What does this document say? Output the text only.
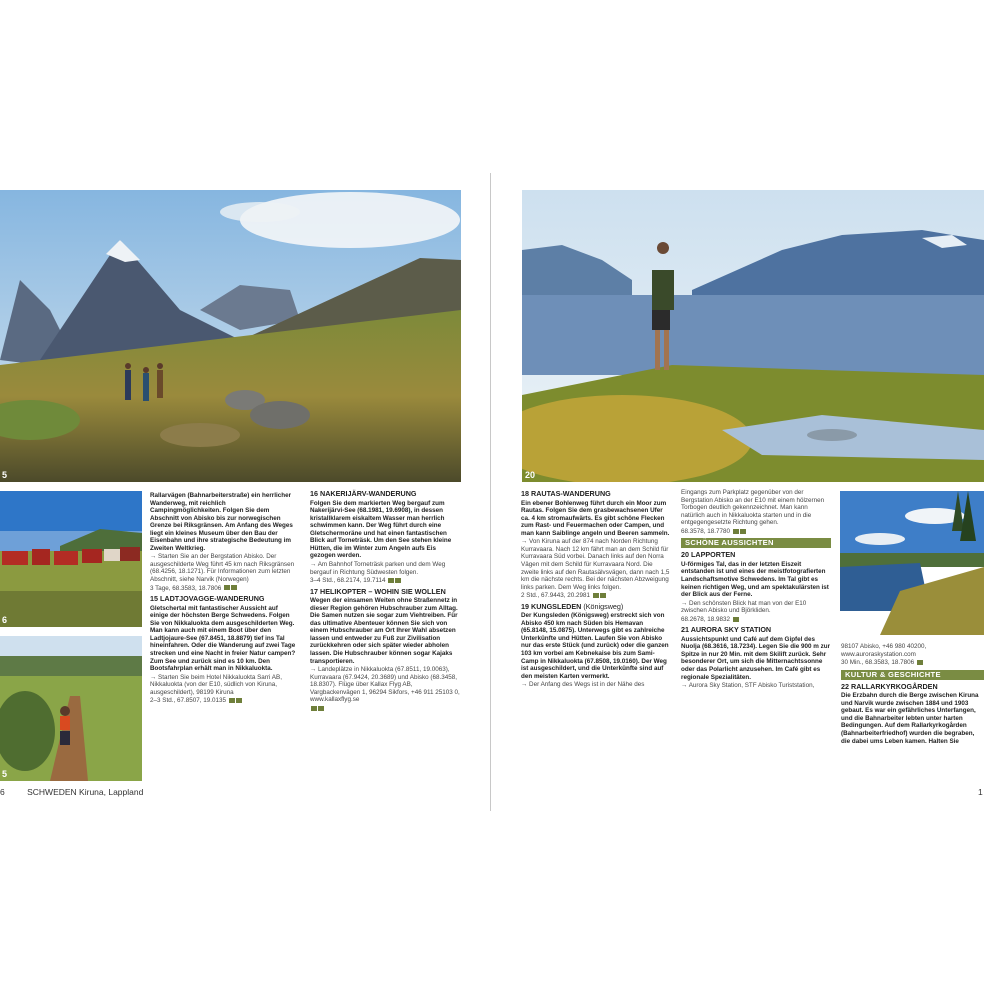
5
6
5

Rallarvägen (Bahnarbeiterstraße) ein herrlicher Wanderweg, mit reichlich Campingmöglichkeiten. Folgen Sie dem Abschnitt von Abisko bis zur norwegischen Grenze bei Riksgränsen. Am Anfang des Weges liegt ein kleines Museum über den Bau der Eisenbahn und ihre strategische Bedeutung im Zweiten Weltkrieg.

→ Starten Sie an der Bergstation Abisko. Der ausgeschilderte Weg führt 45 km nach Riksgränsen (68.4256, 18.1271). Für Informationen zum letzten Abschnitt, siehe Narvik (Norwegen)

3 Tage, 68.3583, 18.7806

15 LADTJOVAGGE-WANDERUNG

Gletschertal mit fantastischer Aussicht auf einige der höchsten Berge Schwedens. Folgen Sie von Nikkaluokta dem ausgeschilderten Weg. Man kann auch mit einem Boot über den Ladtjojaure-See (67.8451, 18.8879) tief ins Tal hineinfahren. Oder die Wanderung auf zwei Tage strecken und eine Nacht in freier Natur campen? Zum See und zurück sind es 10 km. Den Bootsfahrplan erhält man in Nikkaluokta.

→ Starten Sie beim Hotel Nikkaluokta Sarri AB, Nikkaluokta (von der E10, südlich von Kiruna, ausgeschildert), 98199 Kiruna

2–3 Std., 67.8507, 19.0135

16 NAKERIJÄRV-WANDERUNG

Folgen Sie dem markierten Weg bergauf zum Nakerijärvi-See (68.1981, 19.6908), in dessen kristallklarem eiskaltem Wasser man herrlich schwimmen kann. Der Weg führt durch eine Gletschermoräne und hat einen fantastischen Blick auf Torneträsk. Um den See stehen kleine Hütten, die im Winter zum Angeln aufs Eis gezogen werden.

→ Am Bahnhof Torneträsk parken und dem Weg bergauf in Richtung Südwesten folgen.

3–4 Std., 68.2174, 19.7114

17 HELIKOPTER – WOHIN SIE WOLLEN

Wegen der einsamen Weiten ohne Straßennetz in dieser Region gehören Hubschrauber zum Alltag. Die Samen nutzen sie sogar zum Viehtreiben. Für das ultimative Abenteuer können Sie sich von einem Hubschrauber am Ort Ihrer Wahl absetzen lassen und entweder zu Fuß zur Zivilisation zurückkehren oder sich später wieder abholen lassen. Die Hubschrauber können sogar Kajaks transportieren.

→ Landeplätze in Nikkaluokta (67.8511, 19.0063), Kurravaara (67.9424, 20.3689) und Abisko (68.3458, 18.8307). Flüge über Kallax Flyg AB, Vargbackenvägen 1, 96294 Sikfors, +46 911 25103 0, www.kallaxflyg.se

6	SCHWEDEN Kiruna, Lappland
20
18
18 RAUTAS-WANDERUNG

Ein ebener Bohlenweg führt durch ein Moor zum Rautas. Folgen Sie dem grasbewachsenen Ufer ca. 4 km stromaufwärts. Es gibt schöne Flecken zum Rast- und Feuermachen oder Campen, und man kann Saiblinge angeln und Beeren sammeln.

→ Von Kiruna auf der 874 nach Norden Richtung Kurravaara. Nach 12 km fährt man an dem Schild für Kurravaara Süd vorbei. Danach links auf den Norra Vägen mit dem Schild für Kurravaara Nord. Die zweite links auf den Rautasälvsvägen, dann nach 1,5 km die nächste rechts. Bei der nächsten Abzweigung links parken. Dem Weg links folgen.

2 Std., 67.9443, 20.2981

19 KUNGSLEDEN (Königsweg)

Der Kungsleden (Königsweg) erstreckt sich von Abisko 450 km nach Süden bis Hemavan (65.8148, 15.0875). Unterwegs gibt es zahlreiche Unterkünfte und Hütten. Laufen Sie von Abisko nur das erste Stück (und zurück) oder die ganzen 103 km vorbei am Kebnekaise bis zum Sami-Camp in Nikkaluokta (67.8508, 19.0160). Der Weg ist ausgeschildert, und die Unterkünfte sind auf den meisten Karten vermerkt.

→ Der Anfang des Wegs ist in der Nähe des

Eingangs zum Parkplatz gegenüber von der Bergstation Abisko an der E10 mit einem hölzernen Torbogen deutlich gekennzeichnet. Man kann natürlich auch in Nikkaluokta starten und in die entgegengesetzte Richtung gehen.

68.3578, 18.7780

SCHÖNE AUSSICHTEN
20 LAPPORTEN

U-förmiges Tal, das in der letzten Eiszeit entstanden ist und eines der meistfotografierten Landschaftsmotive Schwedens. Im Tal gibt es keinen richtigen Weg, und am spektakulärsten ist der Blick aus der Ferne.

→ Den schönsten Blick hat man von der E10 zwischen Abisko und Björkliden.

68.2678, 18.9832

21 AURORA SKY STATION

Aussichtspunkt und Café auf dem Gipfel des Nuolja (68.3616, 18.7234). Legen Sie die 900 m zur Spitze in nur 20 Min. mit dem Skilift zurück. Sehr besonderer Ort, um sich die Mitternachtssonne oder das Polarlicht anzusehen. Im Café gibt es regionale Spezialitäten.

→ Aurora Sky Station, STF Abisko Turiststation,

98107 Abisko, +46 980 40200, www.auroraskystation.com

30 Min., 68.3583, 18.7806

KULTUR & GESCHICHTE
22 RALLARKYRKOGÅRDEN

Die Erzbahn durch die Berge zwischen Kiruna und Narvik wurde zwischen 1884 und 1903 gebaut. Es war ein gefährliches Unterfangen, und die Bahnarbeiter lebten unter harten Bedingungen. Auf dem Rallarkyrkogården (Bahnarbeiterfriedhof) wurden die begraben, die dabei ums Leben kamen. Halten Sie

1
